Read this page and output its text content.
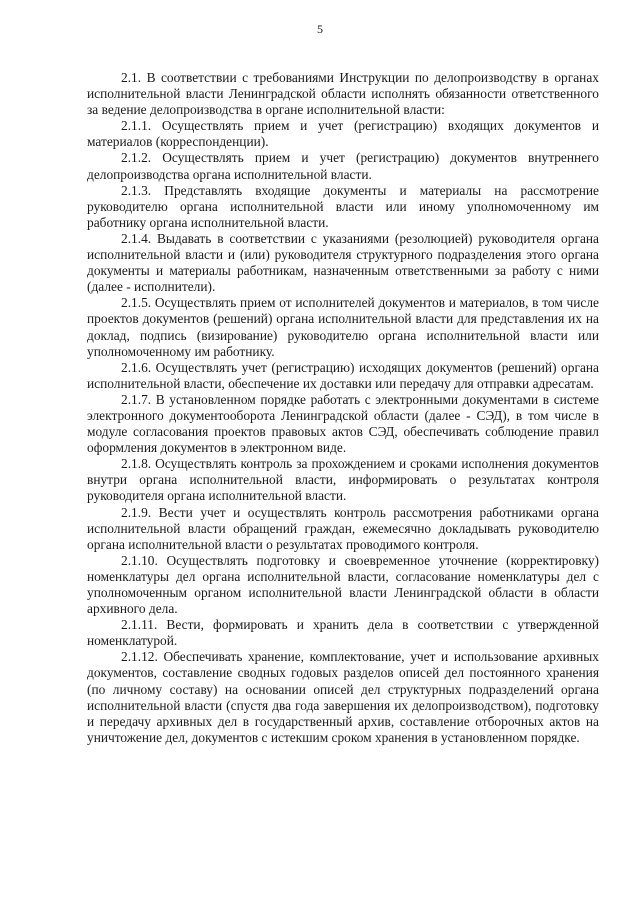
5

2.1. В соответствии с требованиями Инструкции по делопроизводству в органах исполнительной власти Ленинградской области исполнять обязанности ответственного за ведение делопроизводства в органе исполнительной власти:

2.1.1. Осуществлять прием и учет (регистрацию) входящих документов и материалов (корреспонденции).

2.1.2. Осуществлять прием и учет (регистрацию) документов внутреннего делопроизводства органа исполнительной власти.

2.1.3. Представлять входящие документы и материалы на рассмотрение руководителю органа исполнительной власти или иному уполномоченному им работнику органа исполнительной власти.

2.1.4. Выдавать в соответствии с указаниями (резолюцией) руководителя органа исполнительной власти и (или) руководителя структурного подразделения этого органа документы и материалы работникам, назначенным ответственными за работу с ними (далее - исполнители).

2.1.5. Осуществлять прием от исполнителей документов и материалов, в том числе проектов документов (решений) органа исполнительной власти для представления их на доклад, подпись (визирование) руководителю органа исполнительной власти или уполномоченному им работнику.

2.1.6. Осуществлять учет (регистрацию) исходящих документов (решений) органа исполнительной власти, обеспечение их доставки или передачу для отправки адресатам.

2.1.7. В установленном порядке работать с электронными документами в системе электронного документооборота Ленинградской области (далее - СЭД), в том числе в модуле согласования проектов правовых актов СЭД, обеспечивать соблюдение правил оформления документов в электронном виде.

2.1.8. Осуществлять контроль за прохождением и сроками исполнения документов внутри органа исполнительной власти, информировать о результатах контроля руководителя органа исполнительной власти.

2.1.9. Вести учет и осуществлять контроль рассмотрения работниками органа исполнительной власти обращений граждан, ежемесячно докладывать руководителю органа исполнительной власти о результатах проводимого контроля.

2.1.10. Осуществлять подготовку и своевременное уточнение (корректировку) номенклатуры дел органа исполнительной власти, согласование номенклатуры дел с уполномоченным органом исполнительной власти Ленинградской области в области архивного дела.

2.1.11. Вести, формировать и хранить дела в соответствии с утвержденной номенклатурой.

2.1.12. Обеспечивать хранение, комплектование, учет и использование архивных документов, составление сводных годовых разделов описей дел постоянного хранения (по личному составу) на основании описей дел структурных подразделений органа исполнительной власти (спустя два года завершения их делопроизводством), подготовку и передачу архивных дел в государственный архив, составление отборочных актов на уничтожение дел, документов с истекшим сроком хранения в установленном порядке.
